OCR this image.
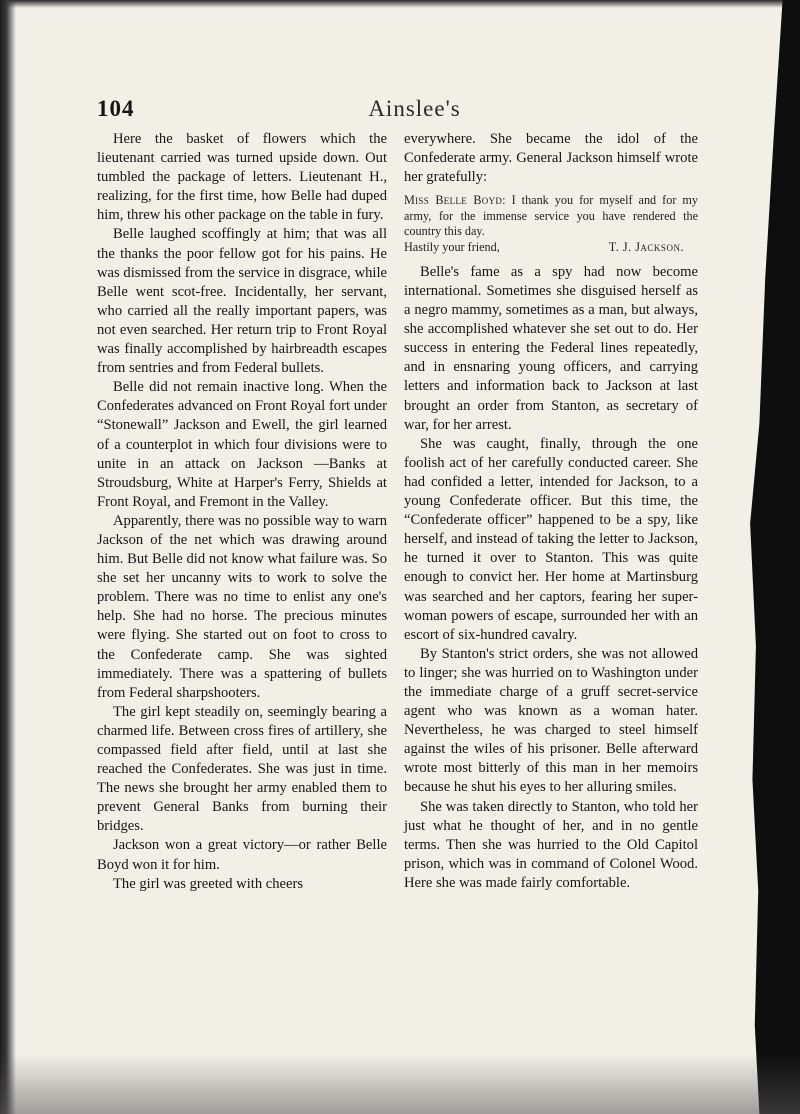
104	Ainslee's

Here the basket of flowers which the lieutenant carried was turned upside down. Out tumbled the package of letters. Lieutenant H., realizing, for the first time, how Belle had duped him, threw his other package on the table in fury.

Belle laughed scoffingly at him; that was all the thanks the poor fellow got for his pains. He was dismissed from the service in disgrace, while Belle went scot-free. Incidentally, her servant, who carried all the really important papers, was not even searched. Her return trip to Front Royal was finally accomplished by hairbreadth escapes from sentries and from Federal bullets.

Belle did not remain inactive long. When the Confederates advanced on Front Royal fort under “Stonewall” Jackson and Ewell, the girl learned of a counterplot in which four divisions were to unite in an attack on Jackson —Banks at Stroudsburg, White at Harper's Ferry, Shields at Front Royal, and Fremont in the Valley.

Apparently, there was no possible way to warn Jackson of the net which was drawing around him. But Belle did not know what failure was. So she set her uncanny wits to work to solve the problem. There was no time to enlist any one's help. She had no horse. The precious minutes were flying. She started out on foot to cross to the Confederate camp. She was sighted immediately. There was a spattering of bullets from Federal sharpshooters.

The girl kept steadily on, seemingly bearing a charmed life. Between cross fires of artillery, she compassed field after field, until at last she reached the Confederates. She was just in time. The news she brought her army enabled them to prevent General Banks from burning their bridges.

Jackson won a great victory—or rather Belle Boyd won it for him.

The girl was greeted with cheers

everywhere. She became the idol of the Confederate army. General Jackson himself wrote her gratefully:

Miss Belle Boyd: I thank you for myself and for my army, for the immense service you have rendered the country this day.
Hastily your friend,	T. J. Jackson.

Belle's fame as a spy had now become international. Sometimes she disguised herself as a negro mammy, sometimes as a man, but always, she accomplished whatever she set out to do. Her success in entering the Federal lines repeatedly, and in ensnaring young officers, and carrying letters and information back to Jackson at last brought an order from Stanton, as secretary of war, for her arrest.

She was caught, finally, through the one foolish act of her carefully conducted career. She had confided a letter, intended for Jackson, to a young Confederate officer. But this time, the “Confederate officer” happened to be a spy, like herself, and instead of taking the letter to Jackson, he turned it over to Stanton. This was quite enough to convict her. Her home at Martinsburg was searched and her captors, fearing her super-woman powers of escape, surrounded her with an escort of six-hundred cavalry.

By Stanton's strict orders, she was not allowed to linger; she was hurried on to Washington under the immediate charge of a gruff secret-service agent who was known as a woman hater. Nevertheless, he was charged to steel himself against the wiles of his prisoner. Belle afterward wrote most bitterly of this man in her memoirs because he shut his eyes to her alluring smiles.

She was taken directly to Stanton, who told her just what he thought of her, and in no gentle terms. Then she was hurried to the Old Capitol prison, which was in command of Colonel Wood. Here she was made fairly comfortable.
